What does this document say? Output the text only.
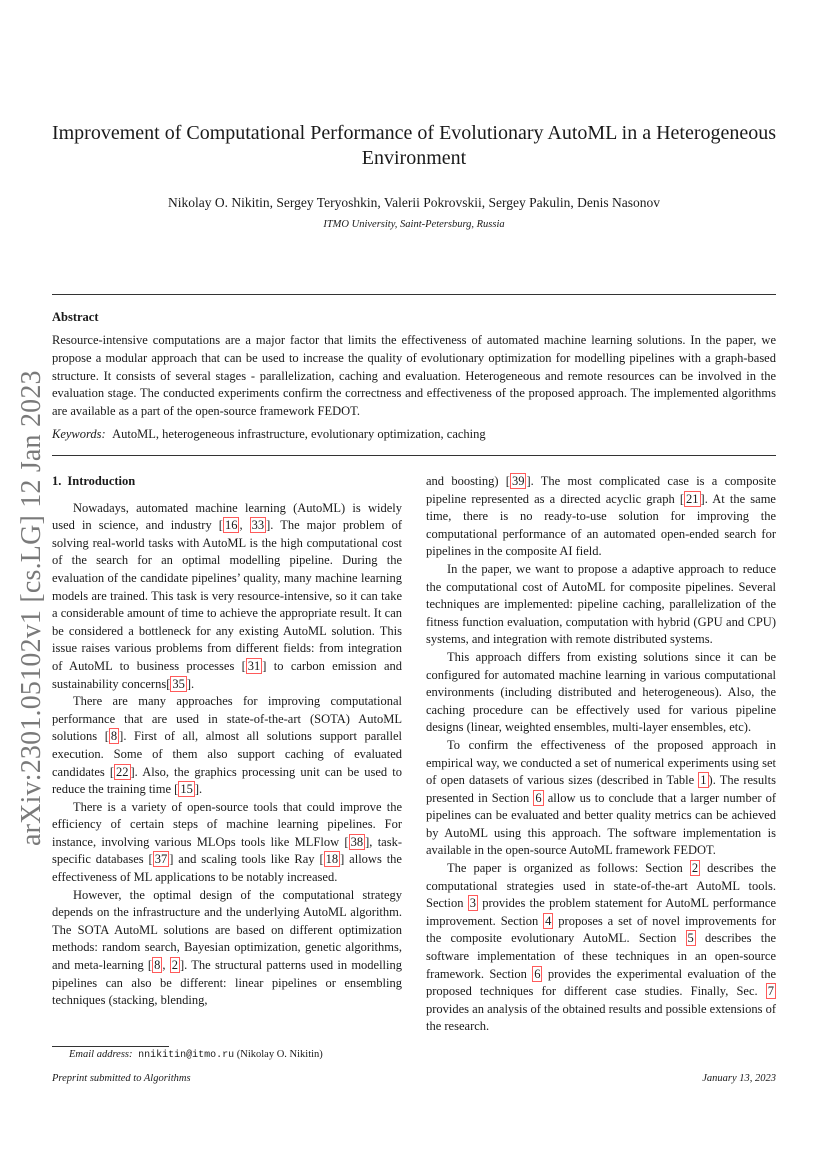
arXiv:2301.05102v1 [cs.LG] 12 Jan 2023
Improvement of Computational Performance of Evolutionary AutoML in a Heterogeneous Environment
Nikolay O. Nikitin, Sergey Teryoshkin, Valerii Pokrovskii, Sergey Pakulin, Denis Nasonov
ITMO University, Saint-Petersburg, Russia
Abstract
Resource-intensive computations are a major factor that limits the effectiveness of automated machine learning solutions. In the paper, we propose a modular approach that can be used to increase the quality of evolutionary optimization for modelling pipelines with a graph-based structure. It consists of several stages - parallelization, caching and evaluation. Heterogeneous and remote resources can be involved in the evaluation stage. The conducted experiments confirm the correctness and effectiveness of the proposed approach. The implemented algorithms are available as a part of the open-source framework FEDOT.
Keywords: AutoML, heterogeneous infrastructure, evolutionary optimization, caching
1. Introduction

Nowadays, automated machine learning (AutoML) is widely used in science, and industry [ 16 , 33 ]. The major problem of solving real-world tasks with AutoML is the high computational cost of the search for an optimal modelling pipeline. During the evaluation of the candidate pipelines’ quality, many machine learning models are trained. This task is very resource-intensive, so it can take a considerable amount of time to achieve the appropriate result. It can be considered a bottleneck for any existing AutoML solution. This issue raises various problems from different fields: from integration of AutoML to business processes [ 31 ] to carbon emission and sustainability concerns[ 35 ].

There are many approaches for improving computational performance that are used in state-of-the-art (SOTA) AutoML solutions [ 8 ]. First of all, almost all solutions support parallel execution. Some of them also support caching of evaluated candidates [ 22 ]. Also, the graphics processing unit can be used to reduce the training time [ 15 ].

There is a variety of open-source tools that could improve the efficiency of certain steps of machine learning pipelines. For instance, involving various MLOps tools like MLFlow [ 38 ], task-specific databases [ 37 ] and scaling tools like Ray [ 18 ] allows the effectiveness of ML applications to be notably increased.

However, the optimal design of the computational strategy depends on the infrastructure and the underlying AutoML algorithm. The SOTA AutoML solutions are based on different optimization methods: random search, Bayesian optimization, genetic algorithms, and meta-learning [ 8 , 2 ]. The structural patterns used in modelling pipelines can also be different: linear pipelines or ensembling techniques (stacking, blending,

and boosting) [ 39 ]. The most complicated case is a composite pipeline represented as a directed acyclic graph [ 21 ]. At the same time, there is no ready-to-use solution for improving the computational performance of an automated open-ended search for pipelines in the composite AI field.

In the paper, we want to propose a adaptive approach to reduce the computational cost of AutoML for composite pipelines. Several techniques are implemented: pipeline caching, parallelization of the fitness function evaluation, computation with hybrid (GPU and CPU) systems, and integration with remote distributed systems.

This approach differs from existing solutions since it can be configured for automated machine learning in various computational environments (including distributed and heterogeneous). Also, the caching procedure can be effectively used for various pipeline designs (linear, weighted ensembles, multi-layer ensembles, etc).

To confirm the effectiveness of the proposed approach in empirical way, we conducted a set of numerical experiments using set of open datasets of various sizes (described in Table 1 ). The results presented in Section 6 allow us to conclude that a larger number of pipelines can be evaluated and better quality metrics can be achieved by AutoML using this approach. The software implementation is available in the open-source AutoML framework FEDOT.

The paper is organized as follows: Section 2 describes the computational strategies used in state-of-the-art AutoML tools. Section 3 provides the problem statement for AutoML performance improvement. Section 4 proposes a set of novel improvements for the composite evolutionary AutoML. Section 5 describes the software implementation of these techniques in an open-source framework. Section 6 provides the experimental evaluation of the proposed techniques for different case studies. Finally, Sec. 7 provides an analysis of the obtained results and possible extensions of the research.

Email address: nnikitin@itmo.ru (Nikolay O. Nikitin)
Preprint submitted to Algorithms	January 13, 2023
